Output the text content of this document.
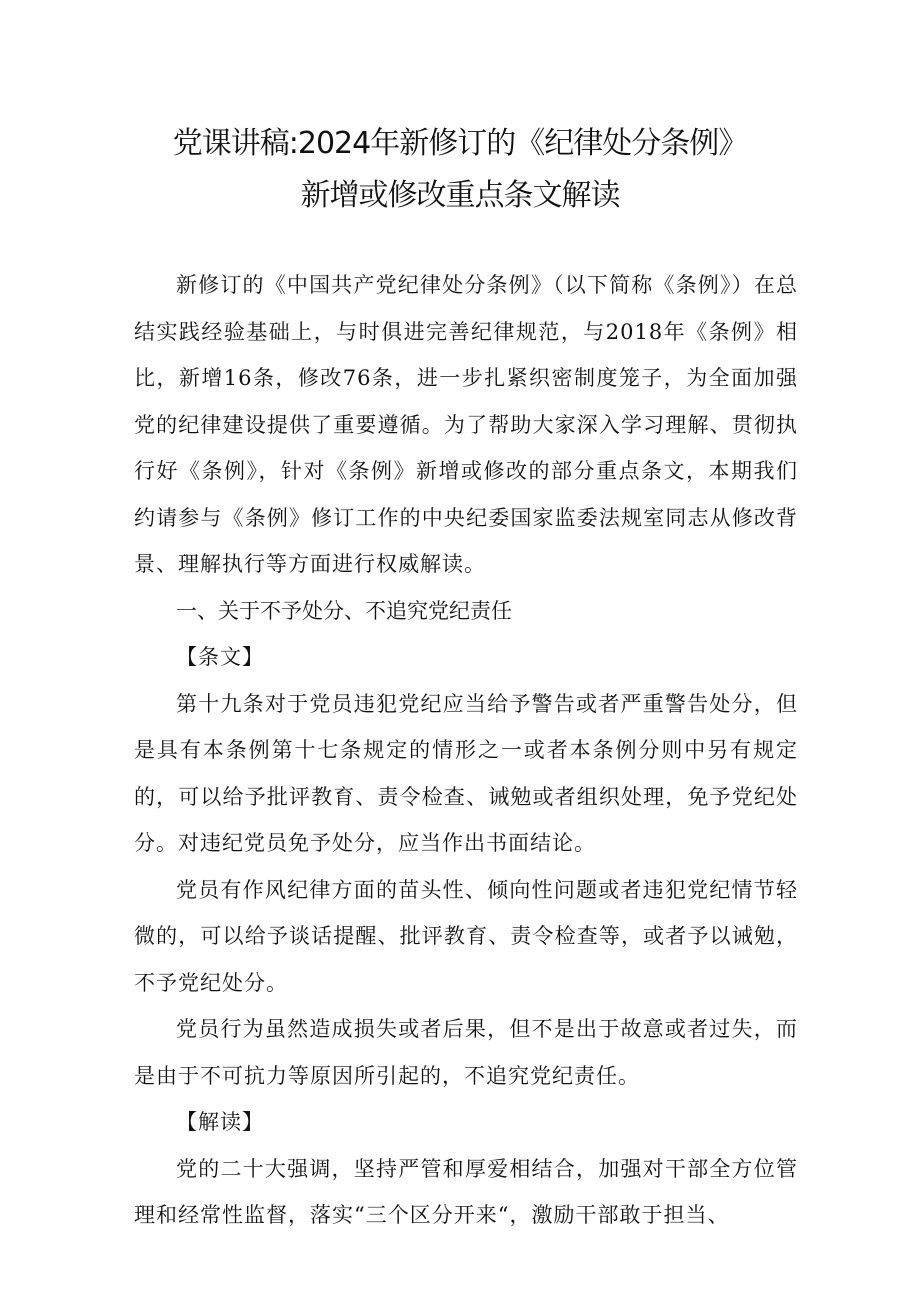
党课讲稿:2024年新修订的《纪律处分条例》
新增或修改重点条文解读

新修订的《中国共产党纪律处分条例》（以下简称《条例》）在总结实践经验基础上，与时俱进完善纪律规范，与2018年《条例》相比，新增16条，修改76条，进一步扎紧织密制度笼子，为全面加强党的纪律建设提供了重要遵循。为了帮助大家深入学习理解、贯彻执行好《条例》，针对《条例》新增或修改的部分重点条文，本期我们约请参与《条例》修订工作的中央纪委国家监委法规室同志从修改背景、理解执行等方面进行权威解读。

一、关于不予处分、不追究党纪责任

【条文】

第十九条对于党员违犯党纪应当给予警告或者严重警告处分，但是具有本条例第十七条规定的情形之一或者本条例分则中另有规定的，可以给予批评教育、责令检查、诫勉或者组织处理，免予党纪处分。对违纪党员免予处分，应当作出书面结论。

党员有作风纪律方面的苗头性、倾向性问题或者违犯党纪情节轻微的，可以给予谈话提醒、批评教育、责令检查等，或者予以诫勉，不予党纪处分。

党员行为虽然造成损失或者后果，但不是出于故意或者过失，而是由于不可抗力等原因所引起的，不追究党纪责任。

【解读】

党的二十大强调，坚持严管和厚爱相结合，加强对干部全方位管理和经常性监督，落实“三个区分开来“，激励干部敢于担当、
